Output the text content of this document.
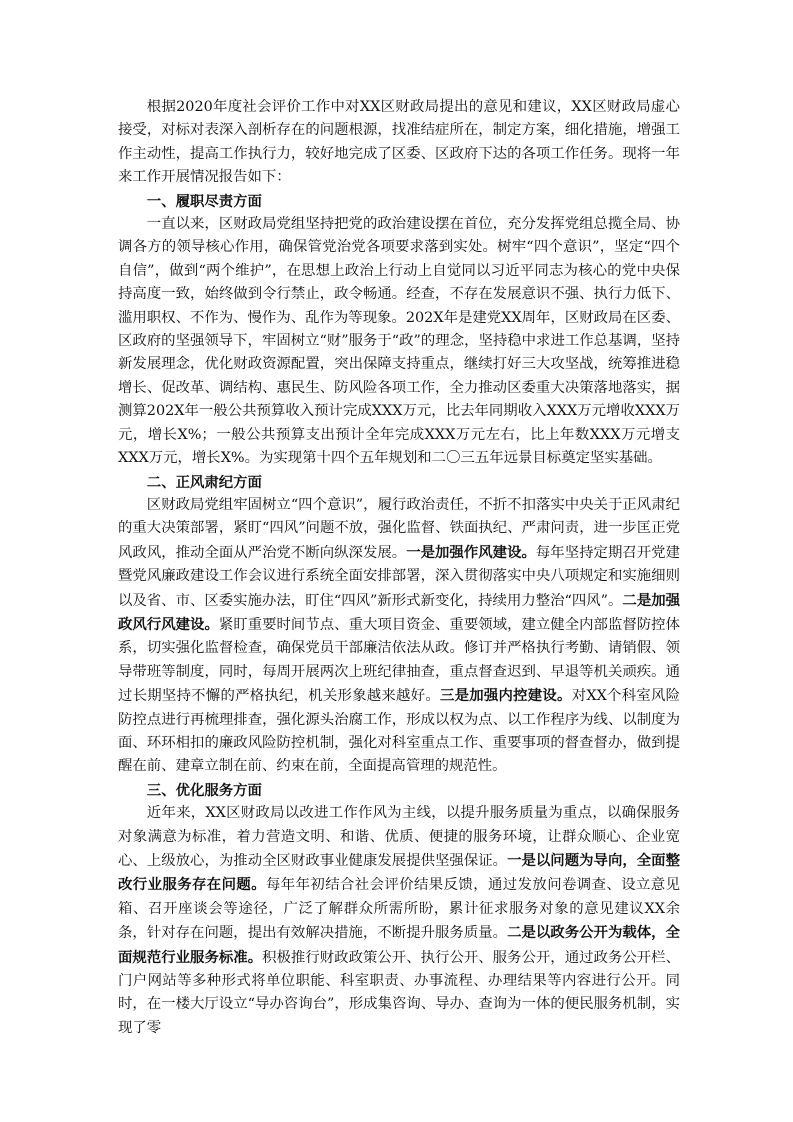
根据2020年度社会评价工作中对XX区财政局提出的意见和建议，XX区财政局虚心接受，对标对表深入剖析存在的问题根源，找准结症所在，制定方案，细化措施，增强工作主动性，提高工作执行力，较好地完成了区委、区政府下达的各项工作任务。现将一年来工作开展情况报告如下：

一、履职尽责方面

一直以来，区财政局党组坚持把党的政治建设摆在首位，充分发挥党组总揽全局、协调各方的领导核心作用，确保管党治党各项要求落到实处。树牢“四个意识”，坚定“四个自信”，做到“两个维护”，在思想上政治上行动上自觉同以习近平同志为核心的党中央保持高度一致，始终做到令行禁止，政令畅通。经查，不存在发展意识不强、执行力低下、滥用职权、不作为、慢作为、乱作为等现象。202X年是建党XX周年，区财政局在区委、区政府的坚强领导下，牢固树立“财”服务于“政”的理念，坚持稳中求进工作总基调，坚持新发展理念，优化财政资源配置，突出保障支持重点，继续打好三大攻坚战，统筹推进稳增长、促改革、调结构、惠民生、防风险各项工作，全力推动区委重大决策落地落实，据测算202X年一般公共预算收入预计完成XXX万元，比去年同期收入XXX万元增收XXX万元，增长X%；一般公共预算支出预计全年完成XXX万元左右，比上年数XXX万元增支XXX万元，增长X%。为实现第十四个五年规划和二〇三五年远景目标奠定坚实基础。

二、正风肃纪方面

区财政局党组牢固树立“四个意识”，履行政治责任，不折不扣落实中央关于正风肃纪的重大决策部署，紧盯“四风”问题不放，强化监督、铁面执纪、严肃问责，进一步匡正党风政风，推动全面从严治党不断向纵深发展。一是加强作风建设。每年坚持定期召开党建暨党风廉政建设工作会议进行系统全面安排部署，深入贯彻落实中央八项规定和实施细则以及省、市、区委实施办法，盯住“四风”新形式新变化，持续用力整治“四风”。二是加强政风行风建设。紧盯重要时间节点、重大项目资金、重要领域，建立健全内部监督防控体系，切实强化监督检查，确保党员干部廉洁依法从政。修订并严格执行考勤、请销假、领导带班等制度，同时，每周开展两次上班纪律抽查，重点督查迟到、早退等机关顽疾。通过长期坚持不懈的严格执纪，机关形象越来越好。三是加强内控建设。对XX个科室风险防控点进行再梳理排查，强化源头治腐工作，形成以权为点、以工作程序为线、以制度为面、环环相扣的廉政风险防控机制，强化对科室重点工作、重要事项的督查督办，做到提醒在前、建章立制在前、约束在前，全面提高管理的规范性。

三、优化服务方面

近年来，XX区财政局以改进工作作风为主线，以提升服务质量为重点，以确保服务对象满意为标准，着力营造文明、和谐、优质、便捷的服务环境，让群众顺心、企业宽心、上级放心，为推动全区财政事业健康发展提供坚强保证。一是以问题为导向，全面整改行业服务存在问题。每年年初结合社会评价结果反馈，通过发放问卷调查、设立意见箱、召开座谈会等途径，广泛了解群众所需所盼，累计征求服务对象的意见建议XX余条，针对存在问题，提出有效解决措施，不断提升服务质量。二是以政务公开为载体，全面规范行业服务标准。积极推行财政政策公开、执行公开、服务公开，通过政务公开栏、门户网站等多种形式将单位职能、科室职责、办事流程、办理结果等内容进行公开。同时，在一楼大厅设立“导办咨询台”，形成集咨询、导办、查询为一体的便民服务机制，实现了零
